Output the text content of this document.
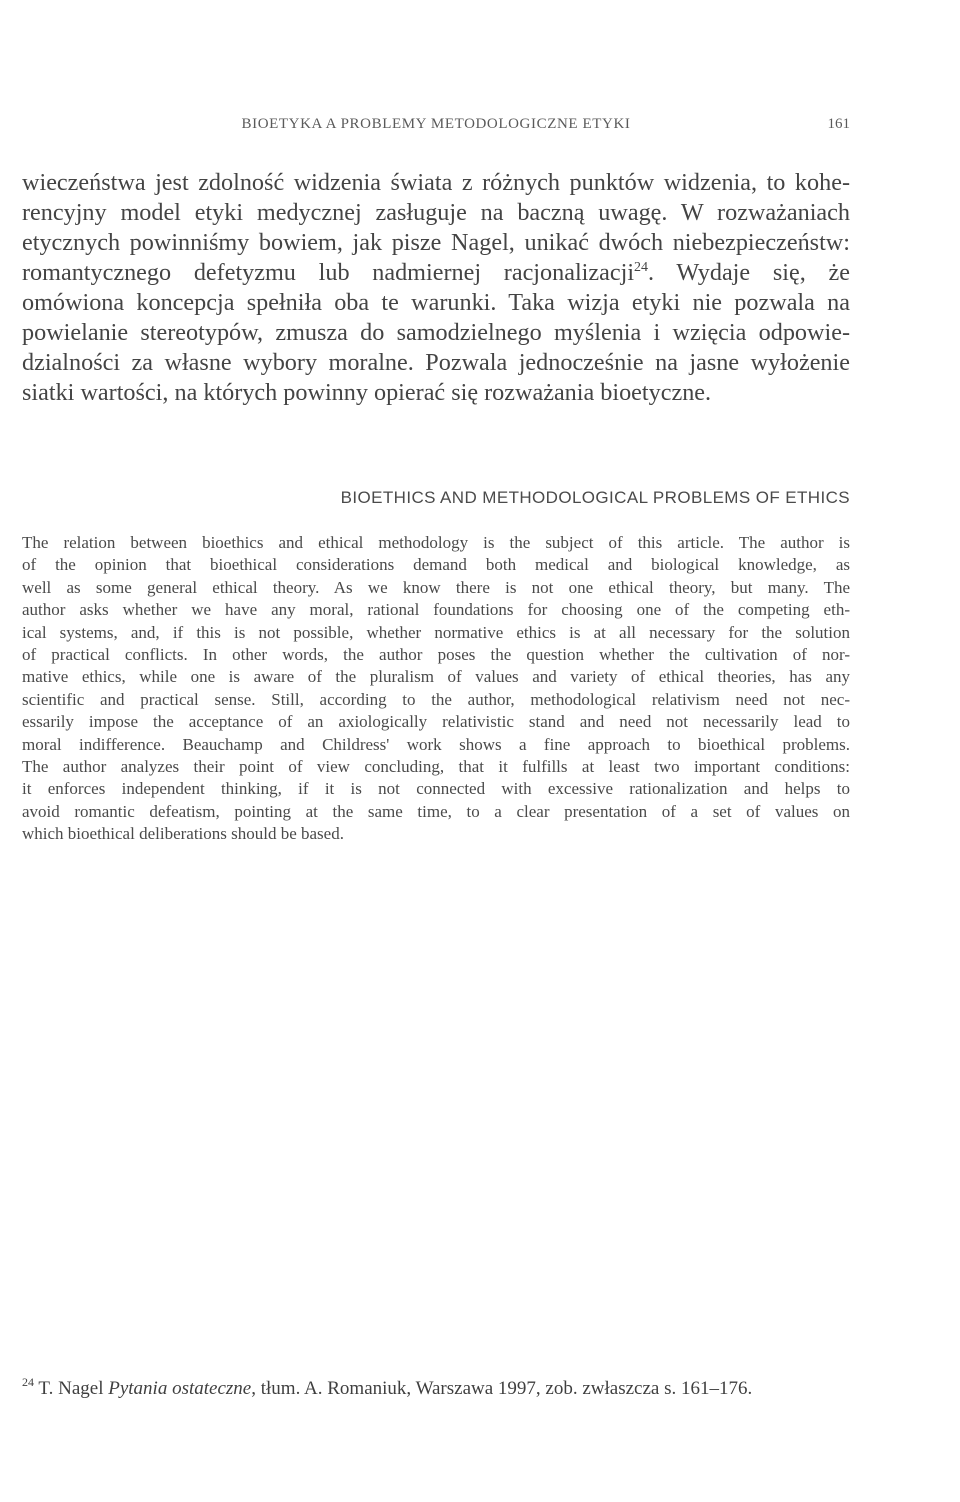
BIOETYKA A PROBLEMY METODOLOGICZNE ETYKI	161
wieczeństwa jest zdolność widzenia świata z różnych punktów widzenia, to kohe-
rencyjny model etyki medycznej zasługuje na baczną uwagę. W rozważaniach
etycznych powinniśmy bowiem, jak pisze Nagel, unikać dwóch niebezpieczeństw:
romantycznego defetyzmu lub nadmiernej racjonalizacji$^{24}$. Wydaje się, że
omówiona koncepcja spełniła oba te warunki. Taka wizja etyki nie pozwala na
powielanie stereotypów, zmusza do samodzielnego myślenia i wzięcia odpowie-
dzialności za własne wybory moralne. Pozwala jednocześnie na jasne wyłożenie
siatki wartości, na których powinny opierać się rozważania bioetyczne.
BIOETHICS AND METHODOLOGICAL PROBLEMS OF ETHICS
The relation between bioethics and ethical methodology is the subject of this article. The author is
of the opinion that bioethical considerations demand both medical and biological knowledge, as
well as some general ethical theory. As we know there is not one ethical theory, but many. The
author asks whether we have any moral, rational foundations for choosing one of the competing eth-
ical systems, and, if this is not possible, whether normative ethics is at all necessary for the solution
of practical conflicts. In other words, the author poses the question whether the cultivation of nor-
mative ethics, while one is aware of the pluralism of values and variety of ethical theories, has any
scientific and practical sense. Still, according to the author, methodological relativism need not nec-
essarily impose the acceptance of an axiologically relativistic stand and need not necessarily lead to
moral indifference. Beauchamp and Childress' work shows a fine approach to bioethical problems.
The author analyzes their point of view concluding, that it fulfills at least two important conditions:
it enforces independent thinking, if it is not connected with excessive rationalization and helps to
avoid romantic defeatism, pointing at the same time, to a clear presentation of a set of values on
which bioethical deliberations should be based.

$^{24}$ T. Nagel Pytania ostateczne, tłum. A. Romaniuk, Warszawa 1997, zob. zwłaszcza s. 161–176.
